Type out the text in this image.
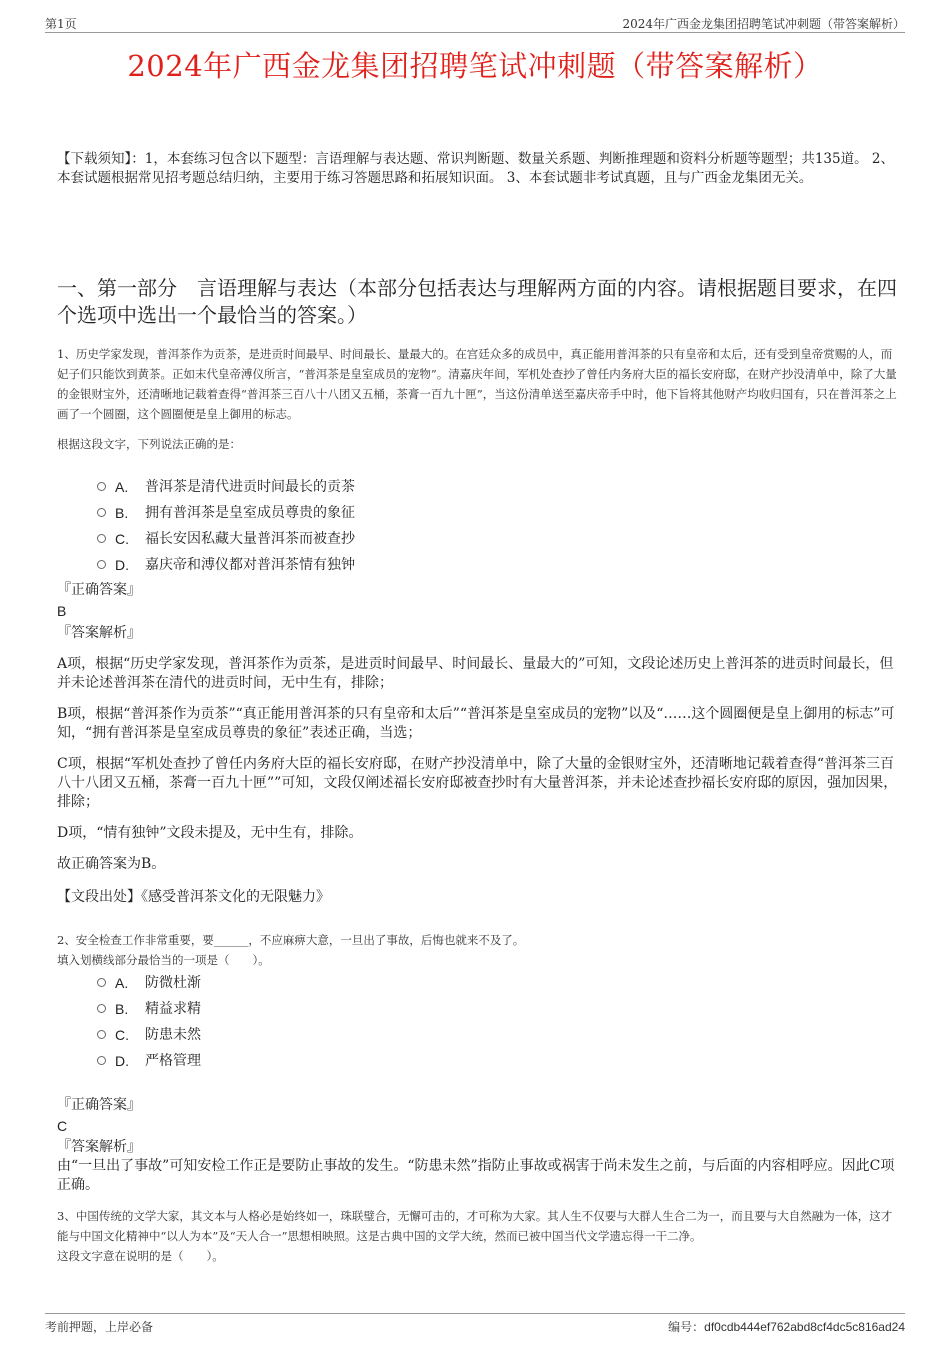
第1页	2024年广西金龙集团招聘笔试冲刺题（带答案解析）
2024年广西金龙集团招聘笔试冲刺题（带答案解析）
【下载须知】：1，本套练习包含以下题型：言语理解与表达题、常识判断题、数量关系题、判断推理题和资料分析题等题型；共135道。 2、本套试题根据常见招考题总结归纳，主要用于练习答题思路和拓展知识面。 3、本套试题非考试真题，且与广西金龙集团无关。
一、第一部分　言语理解与表达（本部分包括表达与理解两方面的内容。请根据题目要求，在四个选项中选出一个最恰当的答案。）
1、历史学家发现，普洱茶作为贡茶，是进贡时间最早、时间最长、量最大的。在宫廷众多的成员中，真正能用普洱茶的只有皇帝和太后，还有受到皇帝赏赐的人，而妃子们只能饮到黄茶。正如末代皇帝溥仪所言，“普洱茶是皇室成员的宠物”。清嘉庆年间，军机处查抄了曾任内务府大臣的福长安府邸，在财产抄没清单中，除了大量的金银财宝外，还清晰地记载着查得“普洱茶三百八十八团又五桶，茶膏一百九十匣”，当这份清单送至嘉庆帝手中时，他下旨将其他财产均收归国有，只在普洱茶之上画了一个圆圈，这个圆圈便是皇上御用的标志。
根据这段文字，下列说法正确的是：
A. 普洱茶是清代进贡时间最长的贡茶
B. 拥有普洱茶是皇室成员尊贵的象征
C. 福长安因私藏大量普洱茶而被查抄
D. 嘉庆帝和溥仪都对普洱茶情有独钟
『正确答案』
B
『答案解析』
A项，根据“历史学家发现，普洱茶作为贡茶，是进贡时间最早、时间最长、量最大的”可知，文段论述历史上普洱茶的进贡时间最长，但并未论述普洱茶在清代的进贡时间，无中生有，排除；
B项，根据“普洱茶作为贡茶”“真正能用普洱茶的只有皇帝和太后”“普洱茶是皇室成员的宠物”以及“……这个圆圈便是皇上御用的标志”可知，“拥有普洱茶是皇室成员尊贵的象征”表述正确，当选；
C项，根据“军机处查抄了曾任内务府大臣的福长安府邸，在财产抄没清单中，除了大量的金银财宝外，还清晰地记载着查得“普洱茶三百八十八团又五桶，茶膏一百九十匣””可知，文段仅阐述福长安府邸被查抄时有大量普洱茶，并未论述查抄福长安府邸的原因，强加因果，排除；
D项，“情有独钟”文段未提及，无中生有，排除。
故正确答案为B。
【文段出处】《感受普洱茶文化的无限魅力》
2、安全检查工作非常重要，要______，不应麻痹大意，一旦出了事故，后悔也就来不及了。
填入划横线部分最恰当的一项是（　　）。
A. 防微杜渐
B. 精益求精
C. 防患未然
D. 严格管理
『正确答案』
C
『答案解析』
由“一旦出了事故”可知安检工作正是要防止事故的发生。“防患未然”指防止事故或祸害于尚未发生之前，与后面的内容相呼应。因此C项正确。
3、中国传统的文学大家，其文本与人格必是始终如一，珠联璧合，无懈可击的，才可称为大家。其人生不仅要与大群人生合二为一，而且要与大自然融为一体，这才能与中国文化精神中“以人为本”及“天人合一”思想相映照。这是古典中国的文学大统，然而已被中国当代文学遗忘得一干二净。
这段文字意在说明的是（　　）。
考前押题，上岸必备	编号：df0cdb444ef762abd8cf4dc5c816ad24
